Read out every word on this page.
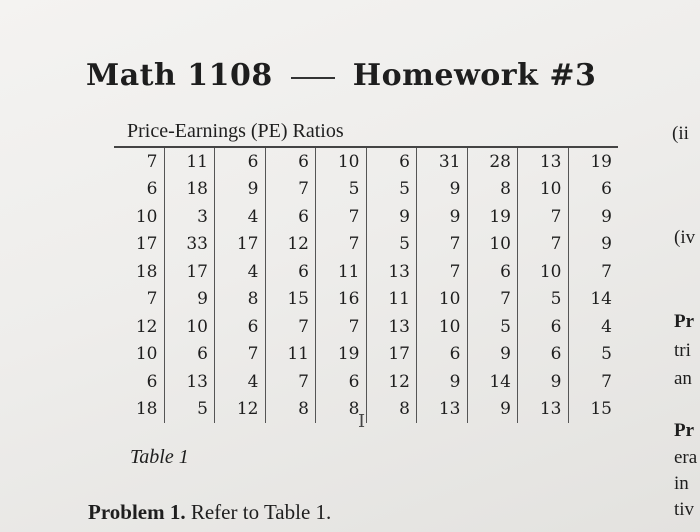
Math 1108	Homework #3
Price-Earnings (PE) Ratios
7	11	6	6	10	6	31	28	13	19
6	18	9	7	5	5	9	8	10	6
10	3	4	6	7	9	9	19	7	9
17	33	17	12	7	5	7	10	7	9
18	17	4	6	11	13	7	6	10	7
7	9	8	15	16	11	10	7	5	14
12	10	6	7	7	13	10	5	6	4
10	6	7	11	19	17	6	9	6	5
6	13	4	7	6	12	9	14	9	7
18	5	12	8	8	8	13	9	13	15
I
Table 1
Problem 1. Refer to Table 1.
(ii
(iv
Pr
tri
an
Pr
era
in
tiv
